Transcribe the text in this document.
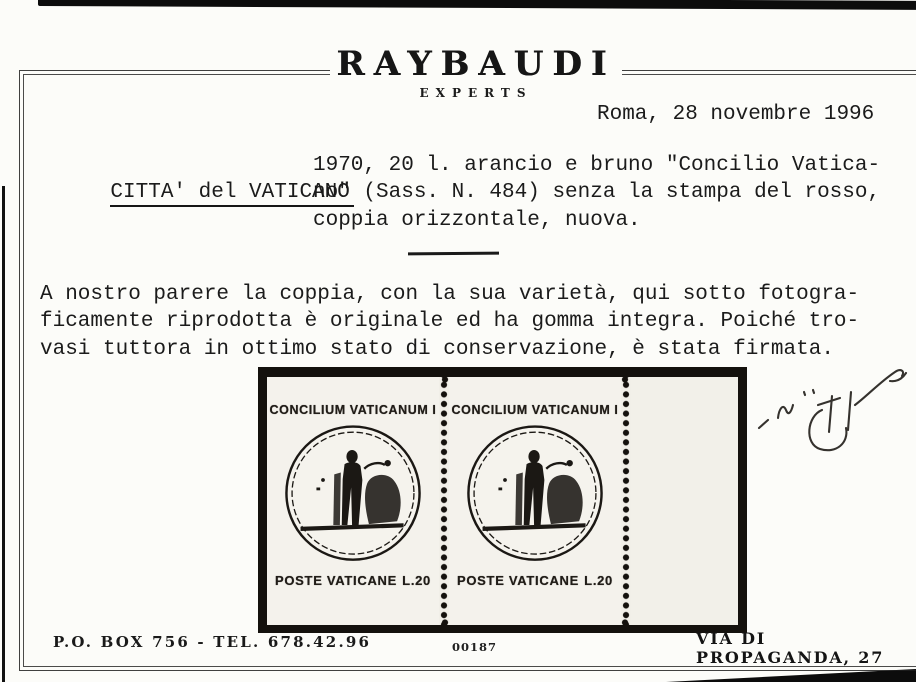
RAYBAUDI
EXPERTS
Roma, 28 novembre 1996

CITTA' del VATICANO

1970, 20 l. arancio e bruno "Concilio Vatica-
no" (Sass. N. 484) senza la stampa del rosso,
coppia orizzontale, nuova.
A nostro parere la coppia, con la sua varietà, qui sotto fotogra-
ficamente riprodotta è originale ed ha gomma integra. Poiché tro-
vasi tuttora in ottimo stato di conservazione, è stata firmata.
CONCILIUM VATICANUM I
POSTE VATICANE L.20
CONCILIUM VATICANUM I
POSTE VATICANE L.20
P.O. BOX 756 - TEL. 678.42.96	00187	VIA DI PROPAGANDA, 27
